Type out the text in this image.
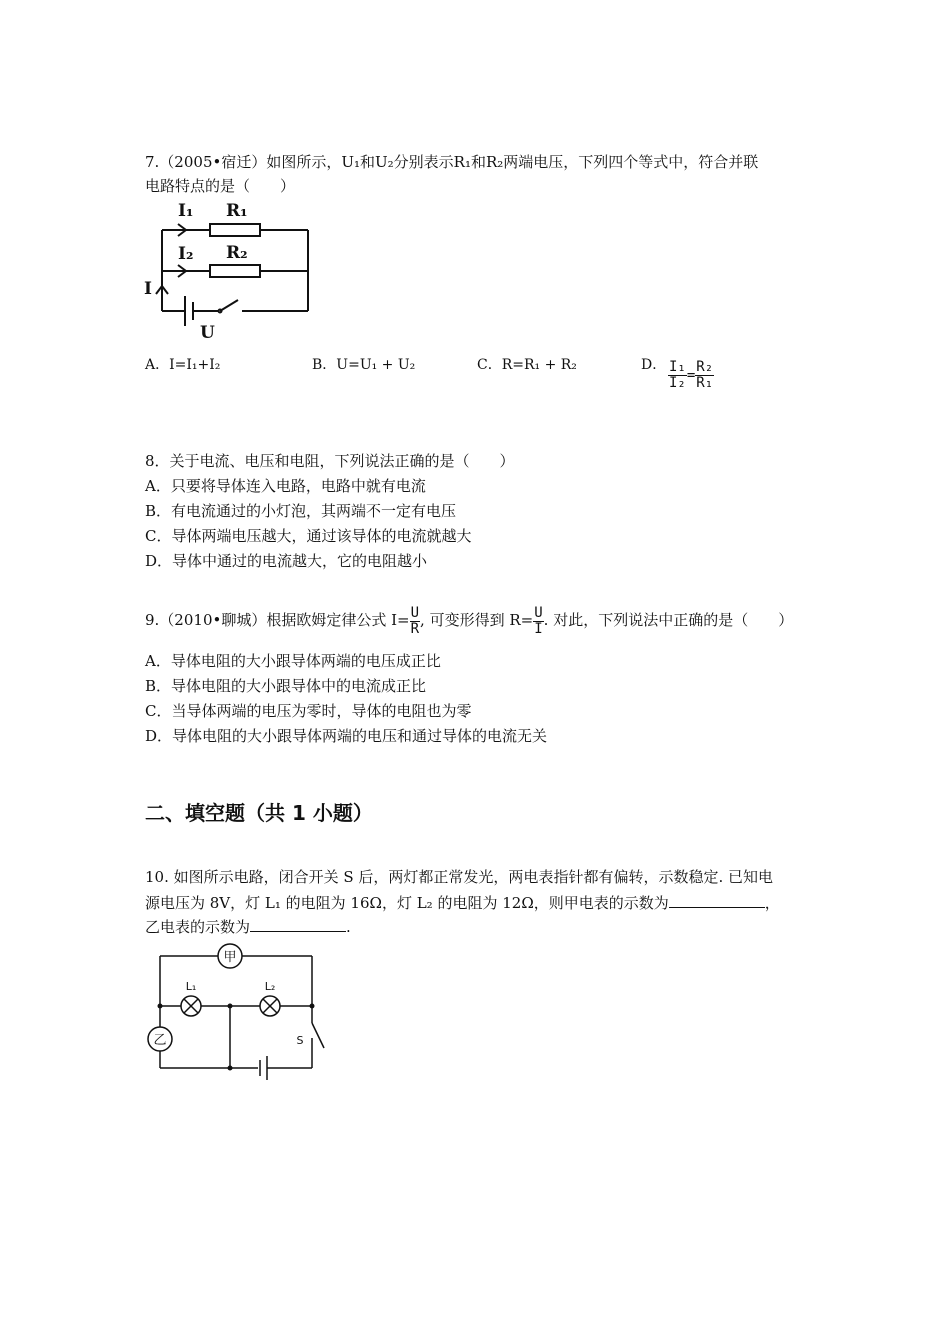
7.（2005•宿迁）如图所示，U₁和U₂分别表示R₁和R₂两端电压，下列四个等式中，符合并联
电路特点的是（　　）
I₁ R₁
I₂ R₂
I
U
A．I=I₁+I₂	B．U=U₁ + U₂	C．R=R₁ + R₂	D． $\frac{\text{I₁}}{\text{I₂}} = \frac{\text{R₂}}{\text{R₁}}$
8．关于电流、电压和电阻，下列说法正确的是（　　）
A．只要将导体连入电路，电路中就有电流
B．有电流通过的小灯泡，其两端不一定有电压
C．导体两端电压越大，通过该导体的电流就越大
D．导体中通过的电流越大，它的电阻越小
9.（2010•聊城）根据欧姆定律公式 $I= \frac{U}{R}$ , 可变形得到 $R= \frac{U}{I}$ . 对此，下列说法中正确的是（　　）
A．导体电阻的大小跟导体两端的电压成正比
B．导体电阻的大小跟导体中的电流成正比
C．当导体两端的电压为零时，导体的电阻也为零
D．导体电阻的大小跟导体两端的电压和通过导体的电流无关
二、填空题（共 1 小题）
10. 如图所示电路，闭合开关 S 后，两灯都正常发光，两电表指针都有偏转，示数稳定. 已知电
源电压为 8V，灯 L₁ 的电阻为 16Ω，灯 L₂ 的电阻为 12Ω，则甲电表的示数为	，
乙电表的示数为	.
甲
乙
L₁	L₂
S
